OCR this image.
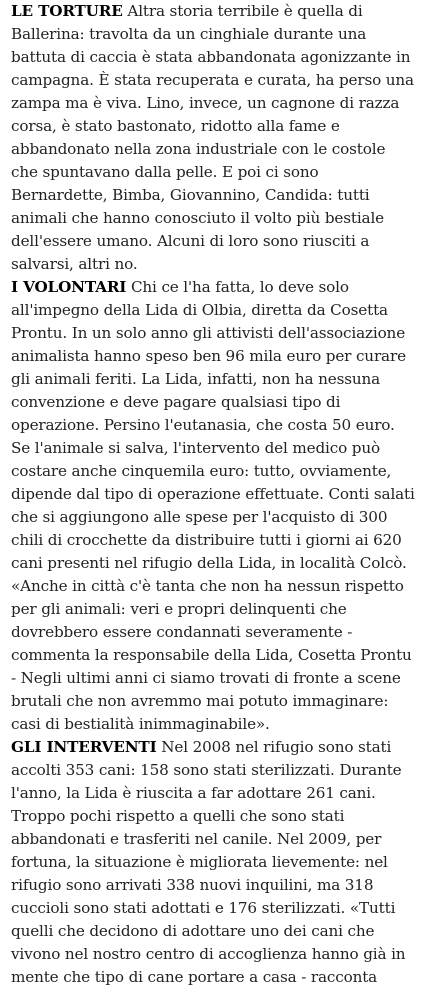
LE TORTURE Altra storia terribile è quella di Ballerina: travolta da un cinghiale durante una battuta di caccia è stata abbandonata agonizzante in campagna. È stata recuperata e curata, ha perso una zampa ma è viva. Lino, invece, un cagnone di razza corsa, è stato bastonato, ridotto alla fame e abbandonato nella zona industriale con le costole che spuntavano dalla pelle. E poi ci sono Bernardette, Bimba, Giovannino, Candida: tutti animali che hanno conosciuto il volto più bestiale dell'essere umano. Alcuni di loro sono riusciti a salvarsi, altri no.

I VOLONTARI Chi ce l'ha fatta, lo deve solo all'impegno della Lida di Olbia, diretta da Cosetta Prontu. In un solo anno gli attivisti dell'associazione animalista hanno speso ben 96 mila euro per curare gli animali feriti. La Lida, infatti, non ha nessuna convenzione e deve pagare qualsiasi tipo di operazione. Persino l'eutanasia, che costa 50 euro. Se l'animale si salva, l'intervento del medico può costare anche cinquemila euro: tutto, ovviamente, dipende dal tipo di operazione effettuate. Conti salati che si aggiungono alle spese per l'acquisto di 300 chili di crocchette da distribuire tutti i giorni ai 620 cani presenti nel rifugio della Lida, in località Colcò. «Anche in città c'è tanta che non ha nessun rispetto per gli animali: veri e propri delinquenti che dovrebbero essere condannati severamente - commenta la responsabile della Lida, Cosetta Prontu - Negli ultimi anni ci siamo trovati di fronte a scene brutali che non avremmo mai potuto immaginare: casi di bestialità inimmaginabile».

GLI INTERVENTI Nel 2008 nel rifugio sono stati accolti 353 cani: 158 sono stati sterilizzati. Durante l'anno, la Lida è riuscita a far adottare 261 cani. Troppo pochi rispetto a quelli che sono stati abbandonati e trasferiti nel canile. Nel 2009, per fortuna, la situazione è migliorata lievemente: nel rifugio sono arrivati 338 nuovi inquilini, ma 318 cuccioli sono stati adottati e 176 sterilizzati. «Tutti quelli che decidono di adottare uno dei cani che vivono nel nostro centro di accoglienza hanno già in mente che tipo di cane portare a casa - racconta
